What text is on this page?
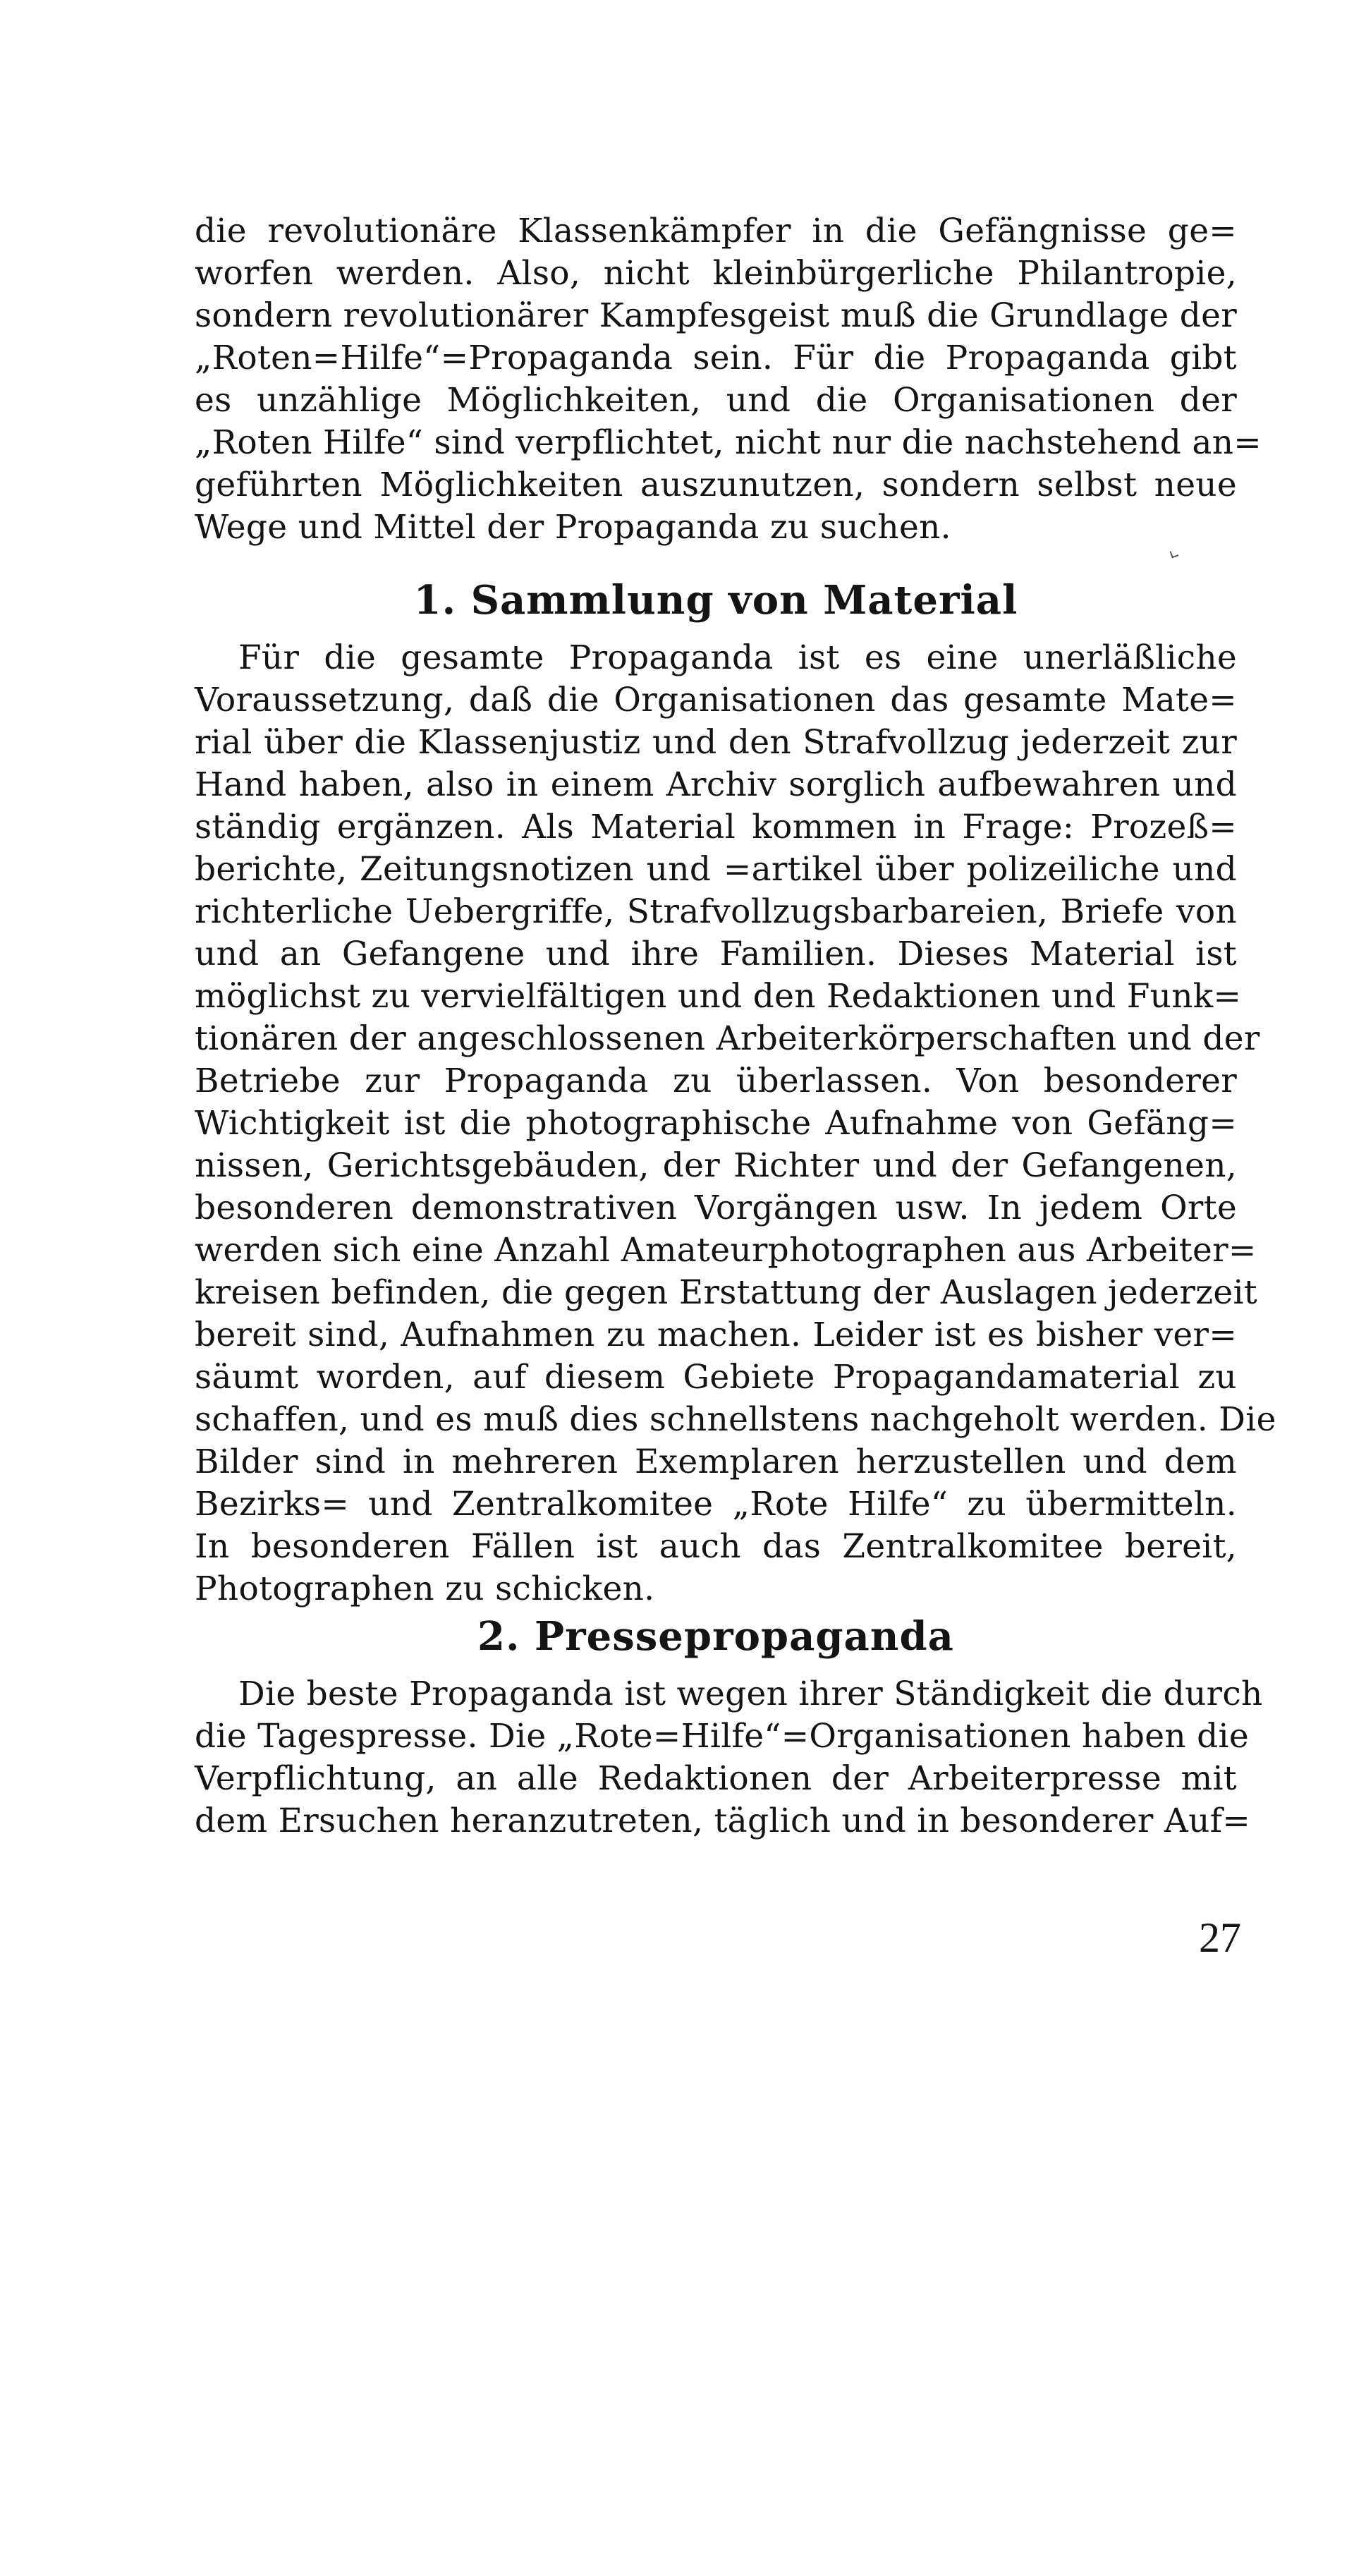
die revolutionäre Klassenkämpfer in die Gefängnisse ge=
worfen werden. Also, nicht kleinbürgerliche Philantropie,
sondern revolutionärer Kampfesgeist muß die Grundlage der
„Roten=Hilfe“=Propaganda sein. Für die Propaganda gibt
es unzählige Möglichkeiten, und die Organisationen der
„Roten Hilfe“ sind verpflichtet, nicht nur die nachstehend an=
geführten Möglichkeiten auszunutzen, sondern selbst neue
Wege und Mittel der Propaganda zu suchen.
1. Sammlung von Material
Für die gesamte Propaganda ist es eine unerläßliche
Voraussetzung, daß die Organisationen das gesamte Mate=
rial über die Klassenjustiz und den Strafvollzug jederzeit zur
Hand haben, also in einem Archiv sorglich aufbewahren und
ständig ergänzen. Als Material kommen in Frage: Prozeß=
berichte, Zeitungsnotizen und =artikel über polizeiliche und
richterliche Uebergriffe, Strafvollzugsbarbareien, Briefe von
und an Gefangene und ihre Familien. Dieses Material ist
möglichst zu vervielfältigen und den Redaktionen und Funk=
tionären der angeschlossenen Arbeiterkörperschaften und der
Betriebe zur Propaganda zu überlassen. Von besonderer
Wichtigkeit ist die photographische Aufnahme von Gefäng=
nissen, Gerichtsgebäuden, der Richter und der Gefangenen,
besonderen demonstrativen Vorgängen usw. In jedem Orte
werden sich eine Anzahl Amateurphotographen aus Arbeiter=
kreisen befinden, die gegen Erstattung der Auslagen jederzeit
bereit sind, Aufnahmen zu machen. Leider ist es bisher ver=
säumt worden, auf diesem Gebiete Propagandamaterial zu
schaffen, und es muß dies schnellstens nachgeholt werden. Die
Bilder sind in mehreren Exemplaren herzustellen und dem
Bezirks= und Zentralkomitee „Rote Hilfe“ zu übermitteln.
In besonderen Fällen ist auch das Zentralkomitee bereit,
Photographen zu schicken.
2. Pressepropaganda
Die beste Propaganda ist wegen ihrer Ständigkeit die durch
die Tagespresse. Die „Rote=Hilfe“=Organisationen haben die
Verpflichtung, an alle Redaktionen der Arbeiterpresse mit
dem Ersuchen heranzutreten, täglich und in besonderer Auf=
27
